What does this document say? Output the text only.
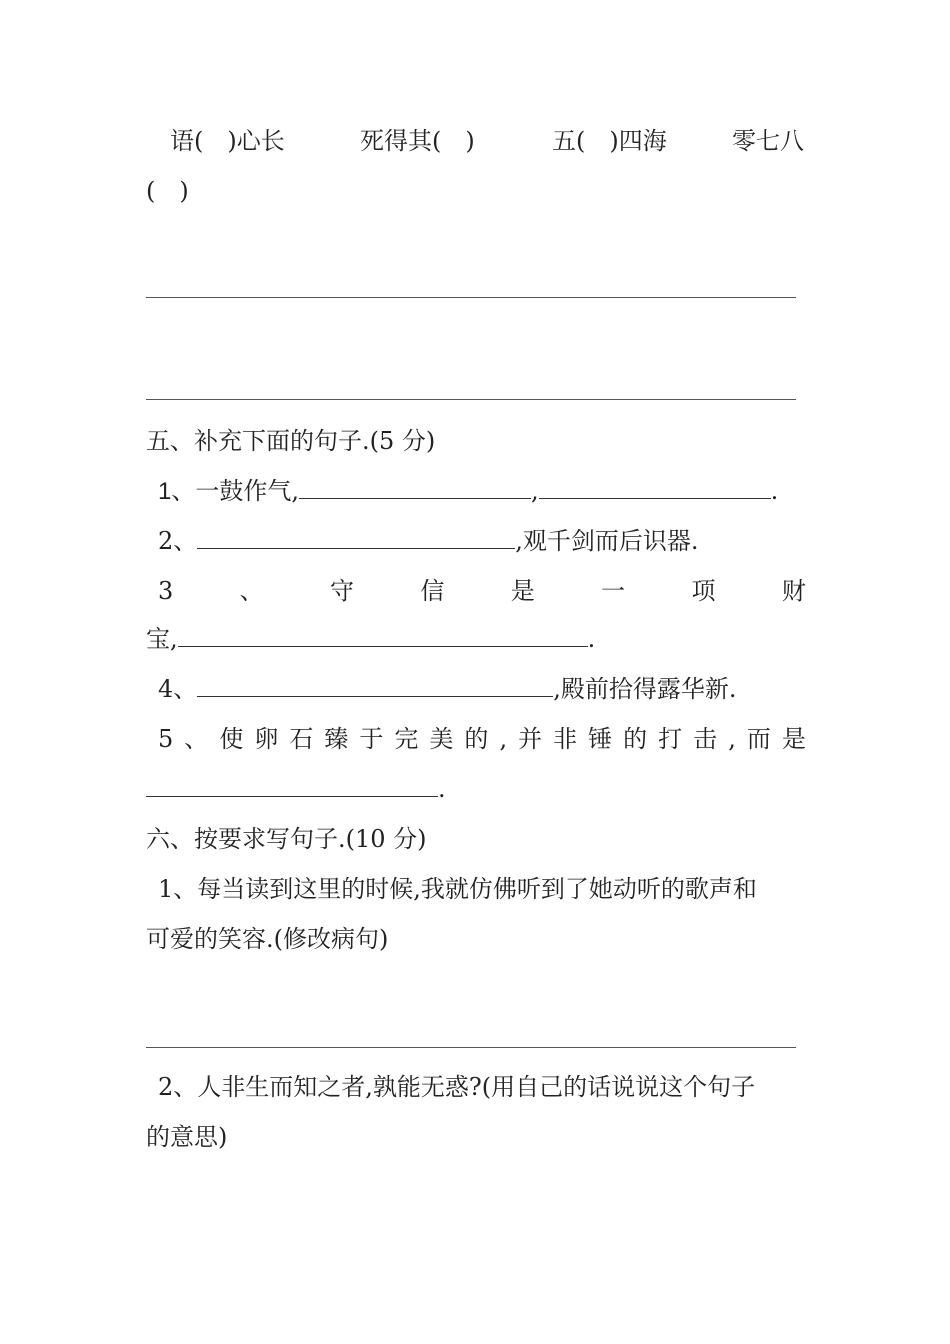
语(　)心长	死得其(　)	五(　)四海	零七八
(　)
五、补充下面的句子.(5 分)
1、一鼓作气,	,	.
2、	,观千剑而后识器.
3	、	守	信	是	一	项	财
宝,	.
4、	,殿前拾得露华新.
5 、 使 卵 石 臻 于 完 美 的 , 并 非 锤 的 打 击 , 而 是
.
六、按要求写句子.(10 分)
1、每当读到这里的时候,我就仿佛听到了她动听的歌声和
可爱的笑容.(修改病句)
2、人非生而知之者,孰能无惑?(用自己的话说说这个句子
的意思)
